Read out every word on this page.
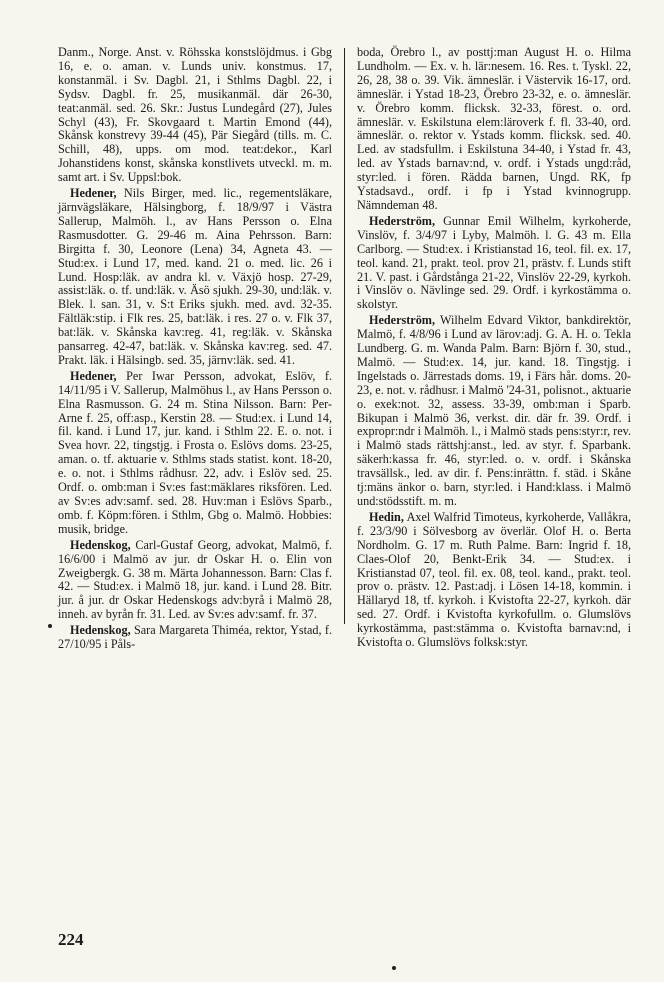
Danm., Norge. Anst. v. Röhsska konstslöjdmus. i Gbg 16, e. o. aman. v. Lunds univ. konstmus. 17, konstanmäl. i Sv. Dagbl. 21, i Sthlms Dagbl. 22, i Sydsv. Dagbl. fr. 25, musikanmäl. där 26-30, teat:anmäl. sed. 26. Skr.: Justus Lundegård (27), Jules Schyl (43), Fr. Skovgaard t. Martin Emond (44), Skånsk konstrevy 39-44 (45), Pär Siegård (tills. m. C. Schill, 48), upps. om mod. teat:dekor., Karl Johanstidens konst, skånska konstlivets utveckl. m. m. samt art. i Sv. Uppsl:bok.

Hedener, Nils Birger, med. lic., regementsläkare, järnvägsläkare, Hälsingborg, f. 18/9/97 i Västra Sallerup, Malmöh. l., av Hans Persson o. Elna Rasmusdotter. G. 29-46 m. Aina Pehrsson. Barn: Birgitta f. 30, Leonore (Lena) 34, Agneta 43. — Stud:ex. i Lund 17, med. kand. 21 o. med. lic. 26 i Lund. Hosp:läk. av andra kl. v. Växjö hosp. 27-29, assist:läk. o. tf. und:läk. v. Äsö sjukh. 29-30, und:läk. v. Blek. l. san. 31, v. S:t Eriks sjukh. med. avd. 32-35. Fältläk:stip. i Flk res. 25, bat:läk. i res. 27 o. v. Flk 37, bat:läk. v. Skånska kav:reg. 41, reg:läk. v. Skånska pansarreg. 42-47, bat:läk. v. Skånska kav:reg. sed. 47. Prakt. läk. i Hälsingb. sed. 35, järnv:läk. sed. 41.

Hedener, Per Iwar Persson, advokat, Eslöv, f. 14/11/95 i V. Sallerup, Malmöhus l., av Hans Persson o. Elna Rasmusson. G. 24 m. Stina Nilsson. Barn: Per-Arne f. 25, off:asp., Kerstin 28. — Stud:ex. i Lund 14, fil. kand. i Lund 17, jur. kand. i Sthlm 22. E. o. not. i Svea hovr. 22, tingstjg. i Frosta o. Eslövs doms. 23-25, aman. o. tf. aktuarie v. Sthlms stads statist. kont. 18-20, e. o. not. i Sthlms rådhusr. 22, adv. i Eslöv sed. 25. Ordf. o. omb:man i Sv:es fast:mäklares riksfören. Led. av Sv:es adv:samf. sed. 28. Huv:man i Eslövs Sparb., omb. f. Köpm:fören. i Sthlm, Gbg o. Malmö. Hobbies: musik, bridge.

Hedenskog, Carl-Gustaf Georg, advokat, Malmö, f. 16/6/00 i Malmö av jur. dr Oskar H. o. Elin von Zweigbergk. G. 38 m. Märta Johannesson. Barn: Clas f. 42. — Stud:ex. i Malmö 18, jur. kand. i Lund 28. Bitr. jur. å jur. dr Oskar Hedenskogs adv:byrå i Malmö 28, inneh. av byrån fr. 31. Led. av Sv:es adv:samf. fr. 37.

Hedenskog, Sara Margareta Thiméa, rektor, Ystad, f. 27/10/95 i Påls-

boda, Örebro l., av posttj:man August H. o. Hilma Lundholm. — Ex. v. h. lär:nesem. 16. Res. t. Tyskl. 22, 26, 28, 38 o. 39. Vik. ämneslär. i Västervik 16-17, ord. ämneslär. i Ystad 18-23, Örebro 23-32, e. o. ämneslär. v. Örebro komm. flicksk. 32-33, förest. o. ord. ämneslär. v. Eskilstuna elem:läroverk f. fl. 33-40, ord. ämneslär. o. rektor v. Ystads komm. flicksk. sed. 40. Led. av stadsfullm. i Eskilstuna 34-40, i Ystad fr. 43, led. av Ystads barnav:nd, v. ordf. i Ystads ungd:råd, styr:led. i fören. Rädda barnen, Ungd. RK, fp Ystadsavd., ordf. i fp i Ystad kvinnogrupp. Nämndeman 48.

Hederström, Gunnar Emil Wilhelm, kyrkoherde, Vinslöv, f. 3/4/97 i Lyby, Malmöh. l. G. 43 m. Ella Carlborg. — Stud:ex. i Kristianstad 16, teol. fil. ex. 17, teol. kand. 21, prakt. teol. prov 21, prästv. f. Lunds stift 21. V. past. i Gårdstånga 21-22, Vinslöv 22-29, kyrkoh. i Vinslöv o. Nävlinge sed. 29. Ordf. i kyrkostämma o. skolstyr.

Hederström, Wilhelm Edvard Viktor, bankdirektör, Malmö, f. 4/8/96 i Lund av lärov:adj. G. A. H. o. Tekla Lundberg. G. m. Wanda Palm. Barn: Björn f. 30, stud., Malmö. — Stud:ex. 14, jur. kand. 18. Tingstjg. i Ingelstads o. Järrestads doms. 19, i Färs hår. doms. 20-23, e. not. v. rådhusr. i Malmö '24-31, polisnot., aktuarie o. exek:not. 32, assess. 33-39, omb:man i Sparb. Bikupan i Malmö 36, verkst. dir. där fr. 39. Ordf. i expropr:ndr i Malmöh. l., i Malmö stads pens:styr:r, rev. i Malmö stads rättshj:anst., led. av styr. f. Sparbank. säkerh:kassa fr. 46, styr:led. o. v. ordf. i Skånska travsällsk., led. av dir. f. Pens:inrättn. f. städ. i Skåne tj:mäns änkor o. barn, styr:led. i Hand:klass. i Malmö und:stödsstift. m. m.

Hedin, Axel Walfrid Timoteus, kyrkoherde, Vallåkra, f. 23/3/90 i Sölvesborg av överlär. Olof H. o. Berta Nordholm. G. 17 m. Ruth Palme. Barn: Ingrid f. 18, Claes-Olof 20, Benkt-Erik 34. — Stud:ex. i Kristianstad 07, teol. fil. ex. 08, teol. kand., prakt. teol. prov o. prästv. 12. Past:adj. i Lösen 14-18, kommin. i Hällaryd 18, tf. kyrkoh. i Kvistofta 22-27, kyrkoh. där sed. 27. Ordf. i Kvistofta kyrkofullm. o. Glumslövs kyrkostämma, past:stämma o. Kvistofta barnav:nd, i Kvistofta o. Glumslövs folksk:styr.

224
